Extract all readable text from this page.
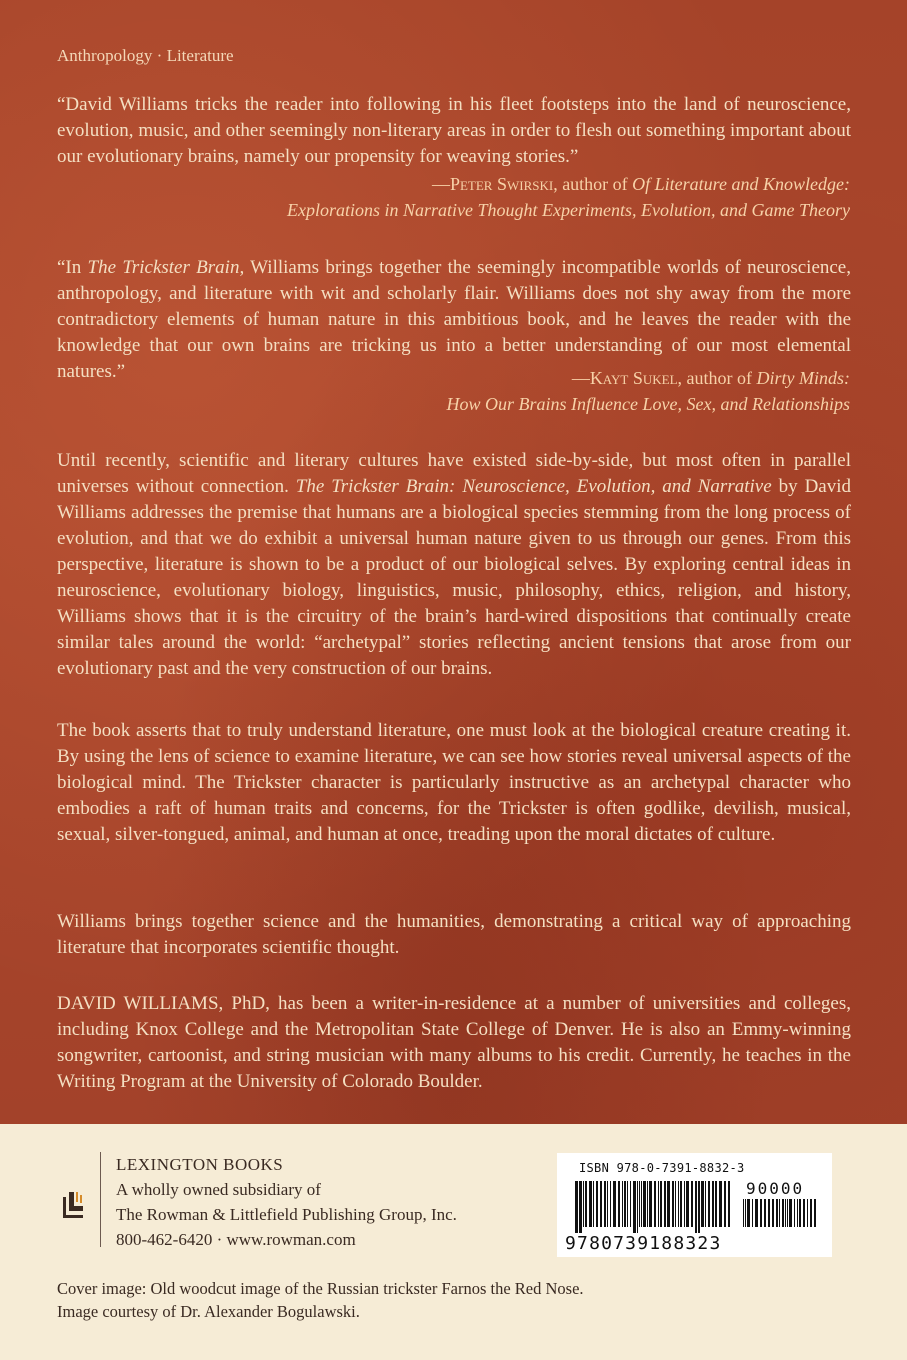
Anthropology · Literature

“David Williams tricks the reader into following in his fleet footsteps into the land of neuroscience, evolution, music, and other seemingly non-literary areas in order to flesh out something important about our evolutionary brains, namely our propensity for weaving stories.”

—Peter Swirski, author of Of Literature and Knowledge:
Explorations in Narrative Thought Experiments, Evolution, and Game Theory

“In The Trickster Brain, Williams brings together the seemingly incompatible worlds of neuroscience, anthropology, and literature with wit and scholarly flair. Williams does not shy away from the more contradictory elements of human nature in this ambitious book, and he leaves the reader with the knowledge that our own brains are tricking us into a better understanding of our most elemental natures.”	—Kayt Sukel, author of Dirty Minds:
How Our Brains Influence Love, Sex, and Relationships

Until recently, scientific and literary cultures have existed side-by-side, but most often in parallel universes without connection. The Trickster Brain: Neuroscience, Evolution, and Narrative by David Williams addresses the premise that humans are a biological species stemming from the long process of evolution, and that we do exhibit a universal human nature given to us through our genes. From this perspective, literature is shown to be a product of our biological selves. By exploring central ideas in neuroscience, evolutionary biology, linguistics, music, philosophy, ethics, religion, and history, Williams shows that it is the circuitry of the brain’s hard-wired dispositions that continually create similar tales around the world: “archetypal” stories reflecting ancient tensions that arose from our evolutionary past and the very construction of our brains.

The book asserts that to truly understand literature, one must look at the biological creature creating it. By using the lens of science to examine literature, we can see how stories reveal universal aspects of the biological mind. The Trickster character is particularly instructive as an archetypal character who embodies a raft of human traits and concerns, for the Trickster is often godlike, devilish, musical, sexual, silver-tongued, animal, and human at once, treading upon the moral dictates of culture.

Williams brings together science and the humanities, demonstrating a critical way of approaching literature that incorporates scientific thought.

DAVID WILLIAMS, PhD, has been a writer-in-residence at a number of universities and colleges, including Knox College and the Metropolitan State College of Denver. He is also an Emmy-winning songwriter, cartoonist, and string musician with many albums to his credit. Currently, he teaches in the Writing Program at the University of Colorado Boulder.

LEXINGTON BOOKS

A wholly owned subsidiary of

The Rowman & Littlefield Publishing Group, Inc.

800-462-6420 · www.rowman.com

ISBN 978-0-7391-8832-3
90000
9780739188323

Cover image: Old woodcut image of the Russian trickster Farnos the Red Nose.

Image courtesy of Dr. Alexander Bogulawski.
